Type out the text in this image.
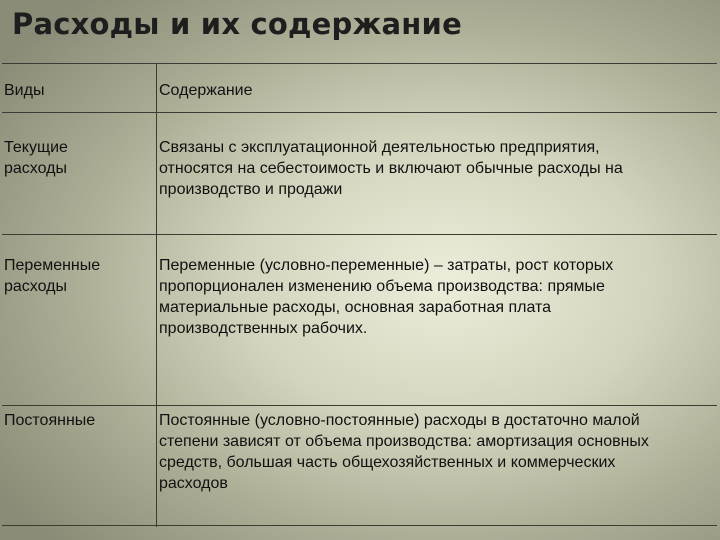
Расходы и их содержание
Виды	Содержание
Текущие
расходы
Связаны с эксплуатационной деятельностью предприятия,
относятся на себестоимость и включают обычные расходы на
производство и продажи
Переменные
расходы
Переменные (условно-переменные) – затраты, рост которых
пропорционален изменению объема производства: прямые
материальные расходы, основная заработная плата
производственных рабочих.
Постоянные	Постоянные (условно-постоянные) расходы в достаточно малой
степени зависят от объема производства: амортизация основных
средств, большая часть общехозяйственных и коммерческих
расходов
